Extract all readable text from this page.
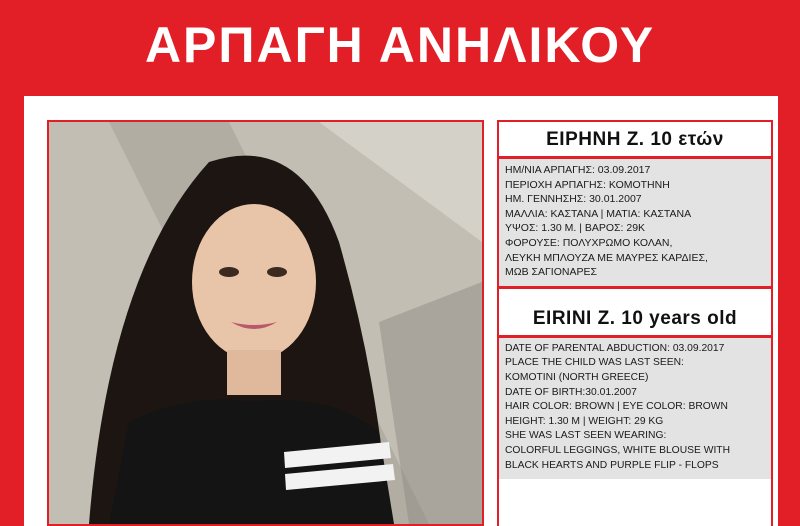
ΑΡΠΑΓΗ ΑΝΗΛΙΚΟΥ
ΕΙΡΗΝΗ Ζ. 10 ετών
ΗΜ/ΝΙΑ ΑΡΠΑΓΗΣ: 03.09.2017
ΠΕΡΙΟΧΗ ΑΡΠΑΓΗΣ: ΚΟΜΟΤΗΝΗ
ΗΜ. ΓΕΝΝΗΣΗΣ: 30.01.2007
ΜΑΛΛΙΑ: ΚΑΣΤΑΝΑ | ΜΑΤΙΑ: ΚΑΣΤΑΝΑ
ΥΨΟΣ: 1.30 Μ. | ΒΑΡΟΣ: 29Κ
ΦΟΡΟΥΣΕ: ΠΟΛΥΧΡΩΜΟ ΚΟΛΑΝ,
ΛΕΥΚΗ ΜΠΛΟΥΖΑ ΜΕ ΜΑΥΡΕΣ ΚΑΡΔΙΕΣ,
ΜΩΒ ΣΑΓΙΟΝΑΡΕΣ
EIRINI Z. 10 years old
DATE OF PARENTAL ABDUCTION: 03.09.2017
PLACE THE CHILD WAS LAST SEEN:
KOMOTINI (NORTH GREECE)
DATE OF BIRTH:30.01.2007
HAIR COLOR: BROWN | EYE COLOR: BROWN
HEIGHT: 1.30 M | WEIGHT: 29 KG
SHE WAS LAST SEEN WEARING:
COLORFUL LEGGINGS, WHITE BLOUSE WITH
BLACK HEARTS AND PURPLE FLIP - FLOPS
